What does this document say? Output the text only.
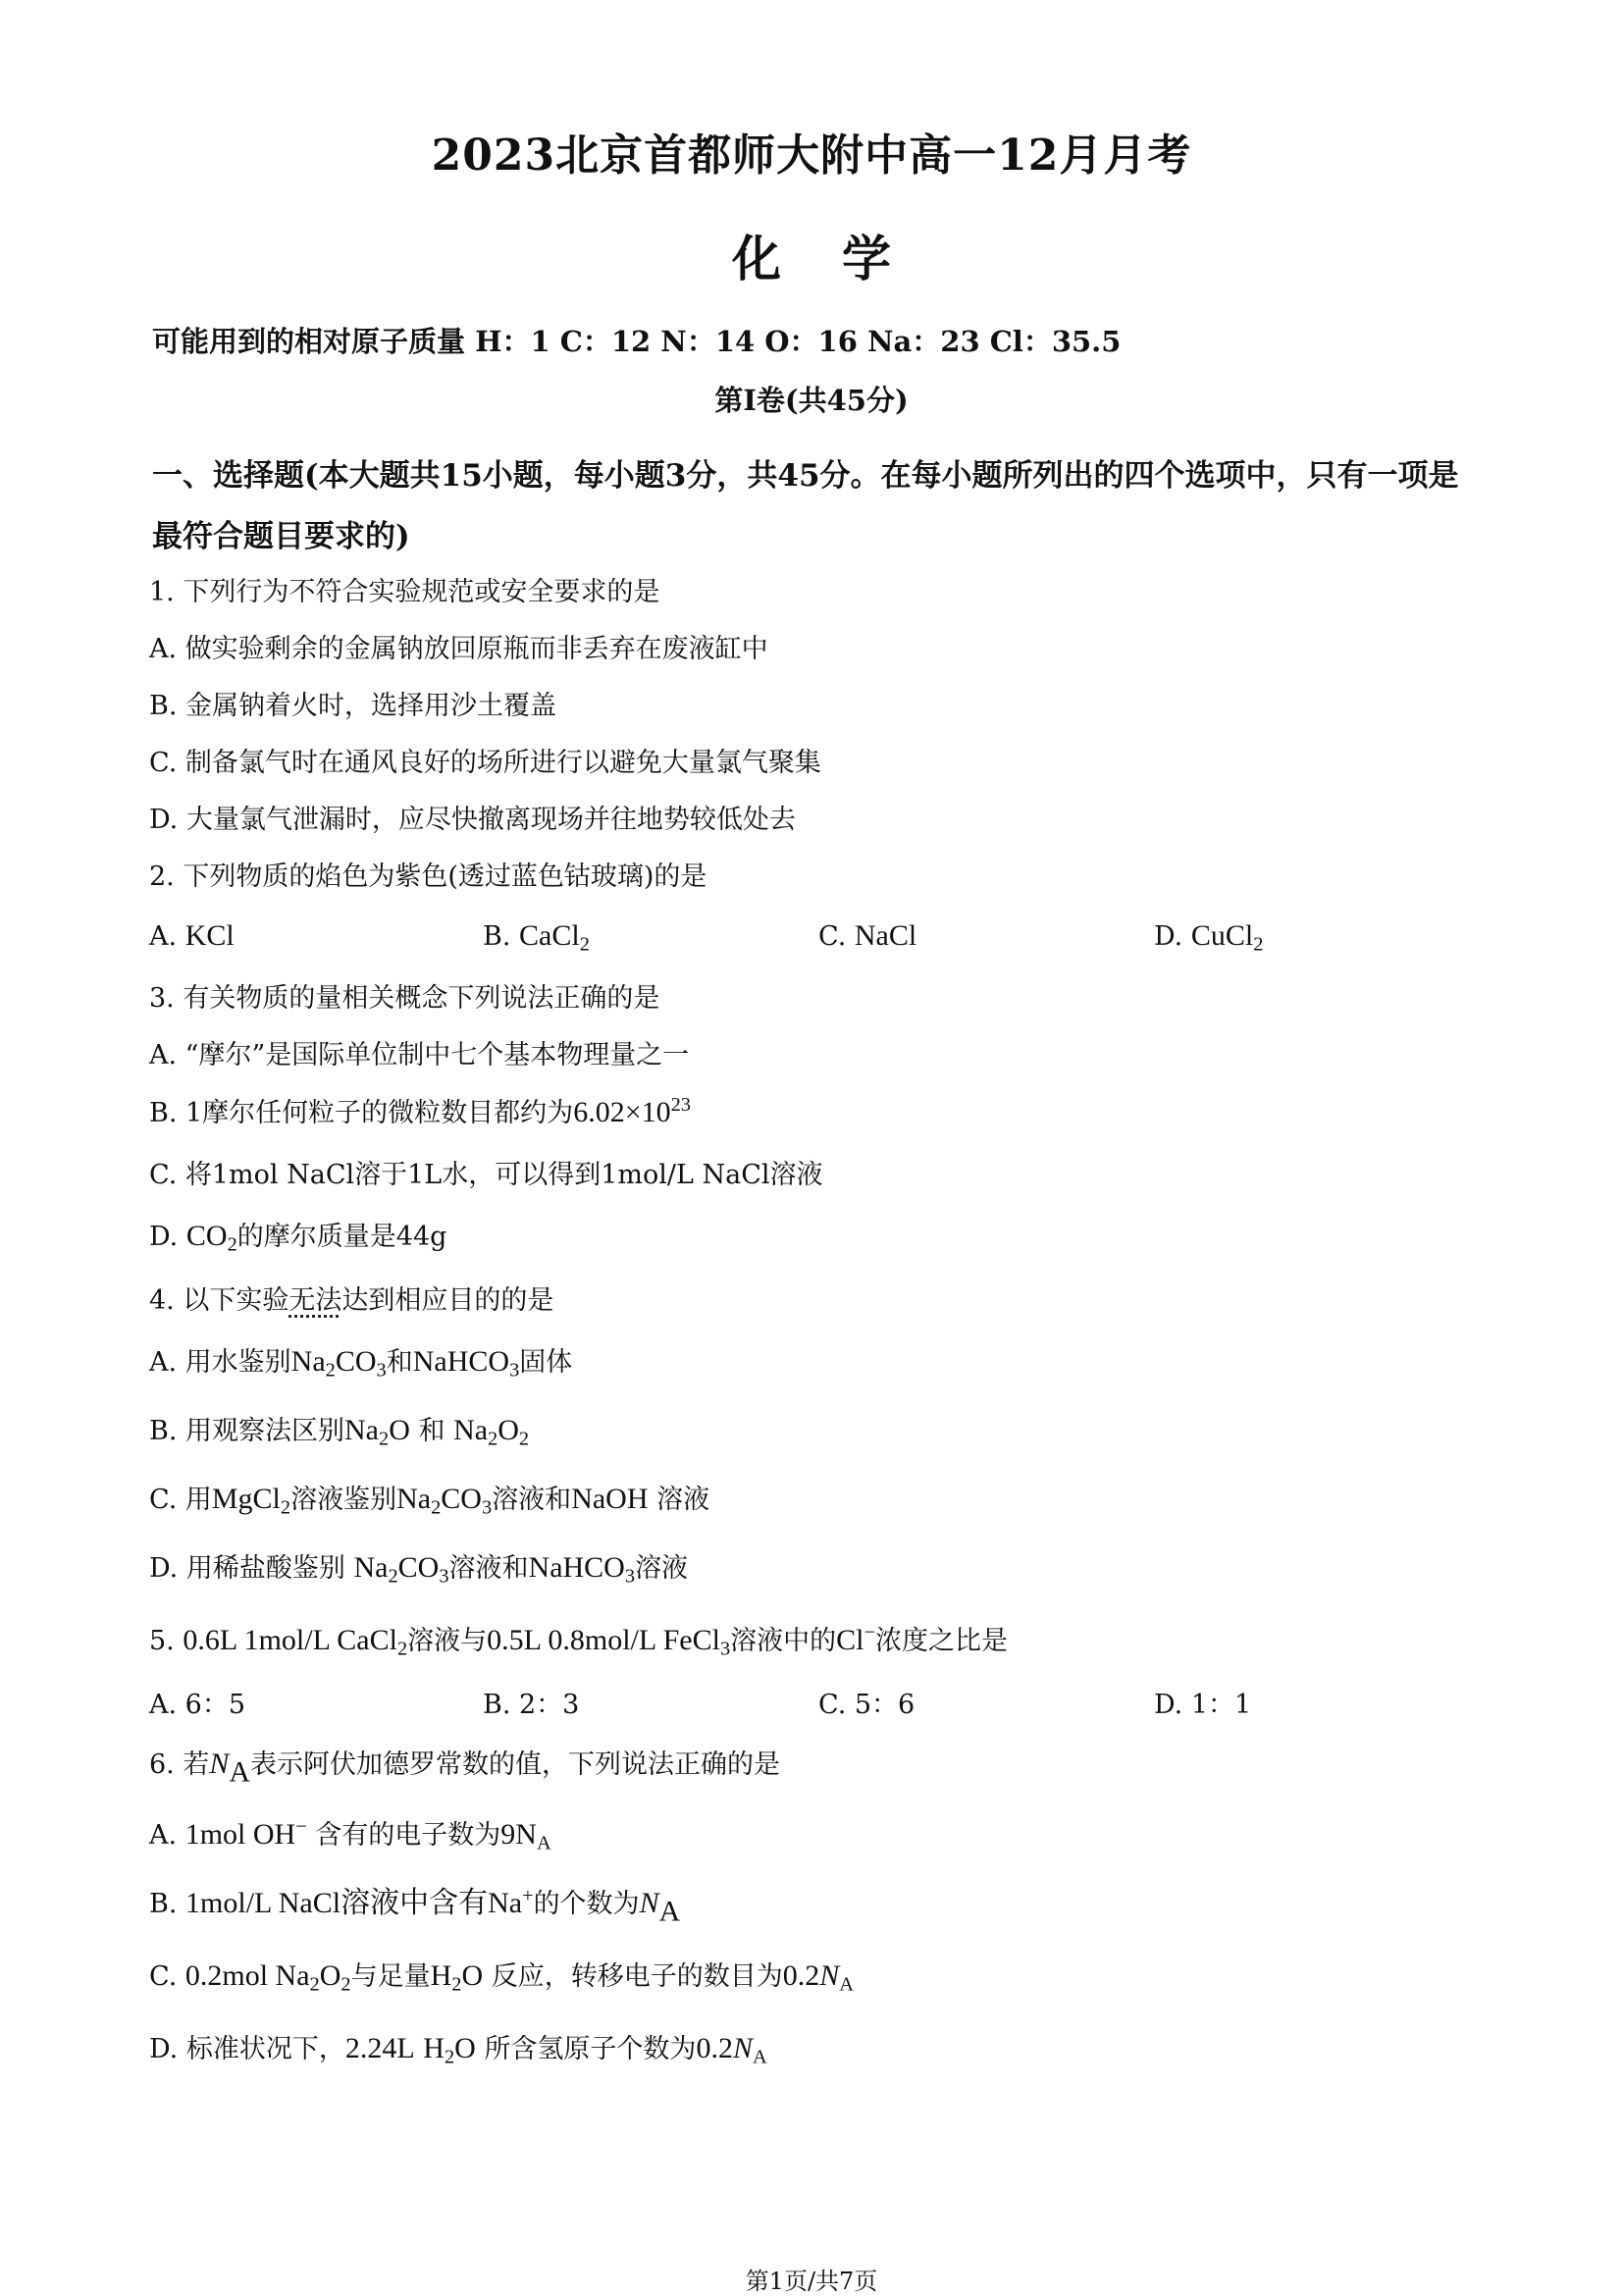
2023北京首都师大附中高一12月月考
化学
可能用到的相对原子质量 H：1 C：12 N：14 O：16 Na：23 Cl：35.5
第Ⅰ卷(共45分)
一、选择题(本大题共15小题，每小题3分，共45分。在每小题所列出的四个选项中，只有一项是最符合题目要求的)
1. 下列行为不符合实验规范或安全要求的是
A. 做实验剩余的金属钠放回原瓶而非丢弃在废液缸中
B. 金属钠着火时，选择用沙土覆盖
C. 制备氯气时在通风良好的场所进行以避免大量氯气聚集
D. 大量氯气泄漏时，应尽快撤离现场并往地势较低处去
2. 下列物质的焰色为紫色(透过蓝色钴玻璃)的是
A. KCl	B. CaCl$_2$	C. NaCl	D. CuCl$_2$
3. 有关物质的量相关概念下列说法正确的是
A. “摩尔”是国际单位制中七个基本物理量之一
B. 1摩尔任何粒子的微粒数目都约为$6.02\times 10^{23}$
C. 将1mol NaCl溶于1L水，可以得到1mol/L NaCl溶液
D. $CO_2$的摩尔质量是44g
4. 以下实验无法达到相应目的的是
A. 用水鉴别$Na_2CO_3$和NaHCO$_3$固体
B. 用观察法区别$Na_2O$ 和 $Na_2O_2$
C. 用MgCl$_2$溶液鉴别$Na_2CO_3$溶液和NaOH 溶液
D. 用稀盐酸鉴别 $Na_2CO_3$溶液和NaHCO$_3$溶液
5. 0.6L 1mol/L CaCl$_2$溶液与0.5L 0.8mol/L FeCl$_3$溶液中的Cl−浓度之比是
A. 6：5	B. 2：3	C. 5：6	D. 1：1
6. 若$N_A$表示阿伏加德罗常数的值，下列说法正确的是
A. 1mol OH− 含有的电子数为$9N_A$
B. 1mol/L NaCl溶液中含有Na+的个数为$N_A$
C. 0.2mol $Na_2O_2$与足量$H_2O$ 反应，转移电子的数目为$0.2N_A$
D. 标准状况下，2.24L $H_2O$ 所含氢原子个数为$0.2N_A$
第1页/共7页
